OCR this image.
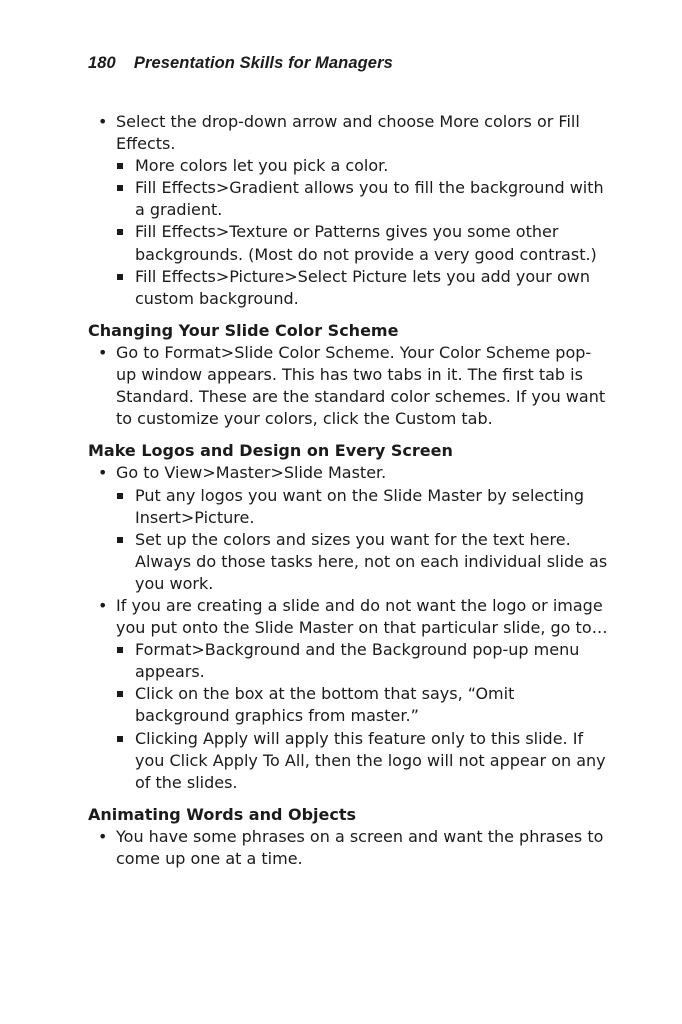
180 Presentation Skills for Managers
• Select the drop-down arrow and choose More colors or Fill Effects.
More colors let you pick a color.
Fill Effects>Gradient allows you to fill the background with a gradient.
Fill Effects>Texture or Patterns gives you some other backgrounds. (Most do not provide a very good contrast.)
Fill Effects>Picture>Select Picture lets you add your own custom background.
Changing Your Slide Color Scheme
• Go to Format>Slide Color Scheme. Your Color Scheme pop-up window appears. This has two tabs in it. The first tab is Standard. These are the standard color schemes. If you want to customize your colors, click the Custom tab.
Make Logos and Design on Every Screen
• Go to View>Master>Slide Master.
Put any logos you want on the Slide Master by selecting Insert>Picture.
Set up the colors and sizes you want for the text here. Always do those tasks here, not on each individual slide as you work.
• If you are creating a slide and do not want the logo or image you put onto the Slide Master on that particular slide, go to…
Format>Background and the Background pop-up menu appears.
Click on the box at the bottom that says, “Omit background graphics from master.”
Clicking Apply will apply this feature only to this slide. If you Click Apply To All, then the logo will not appear on any of the slides.
Animating Words and Objects
• You have some phrases on a screen and want the phrases to come up one at a time.
